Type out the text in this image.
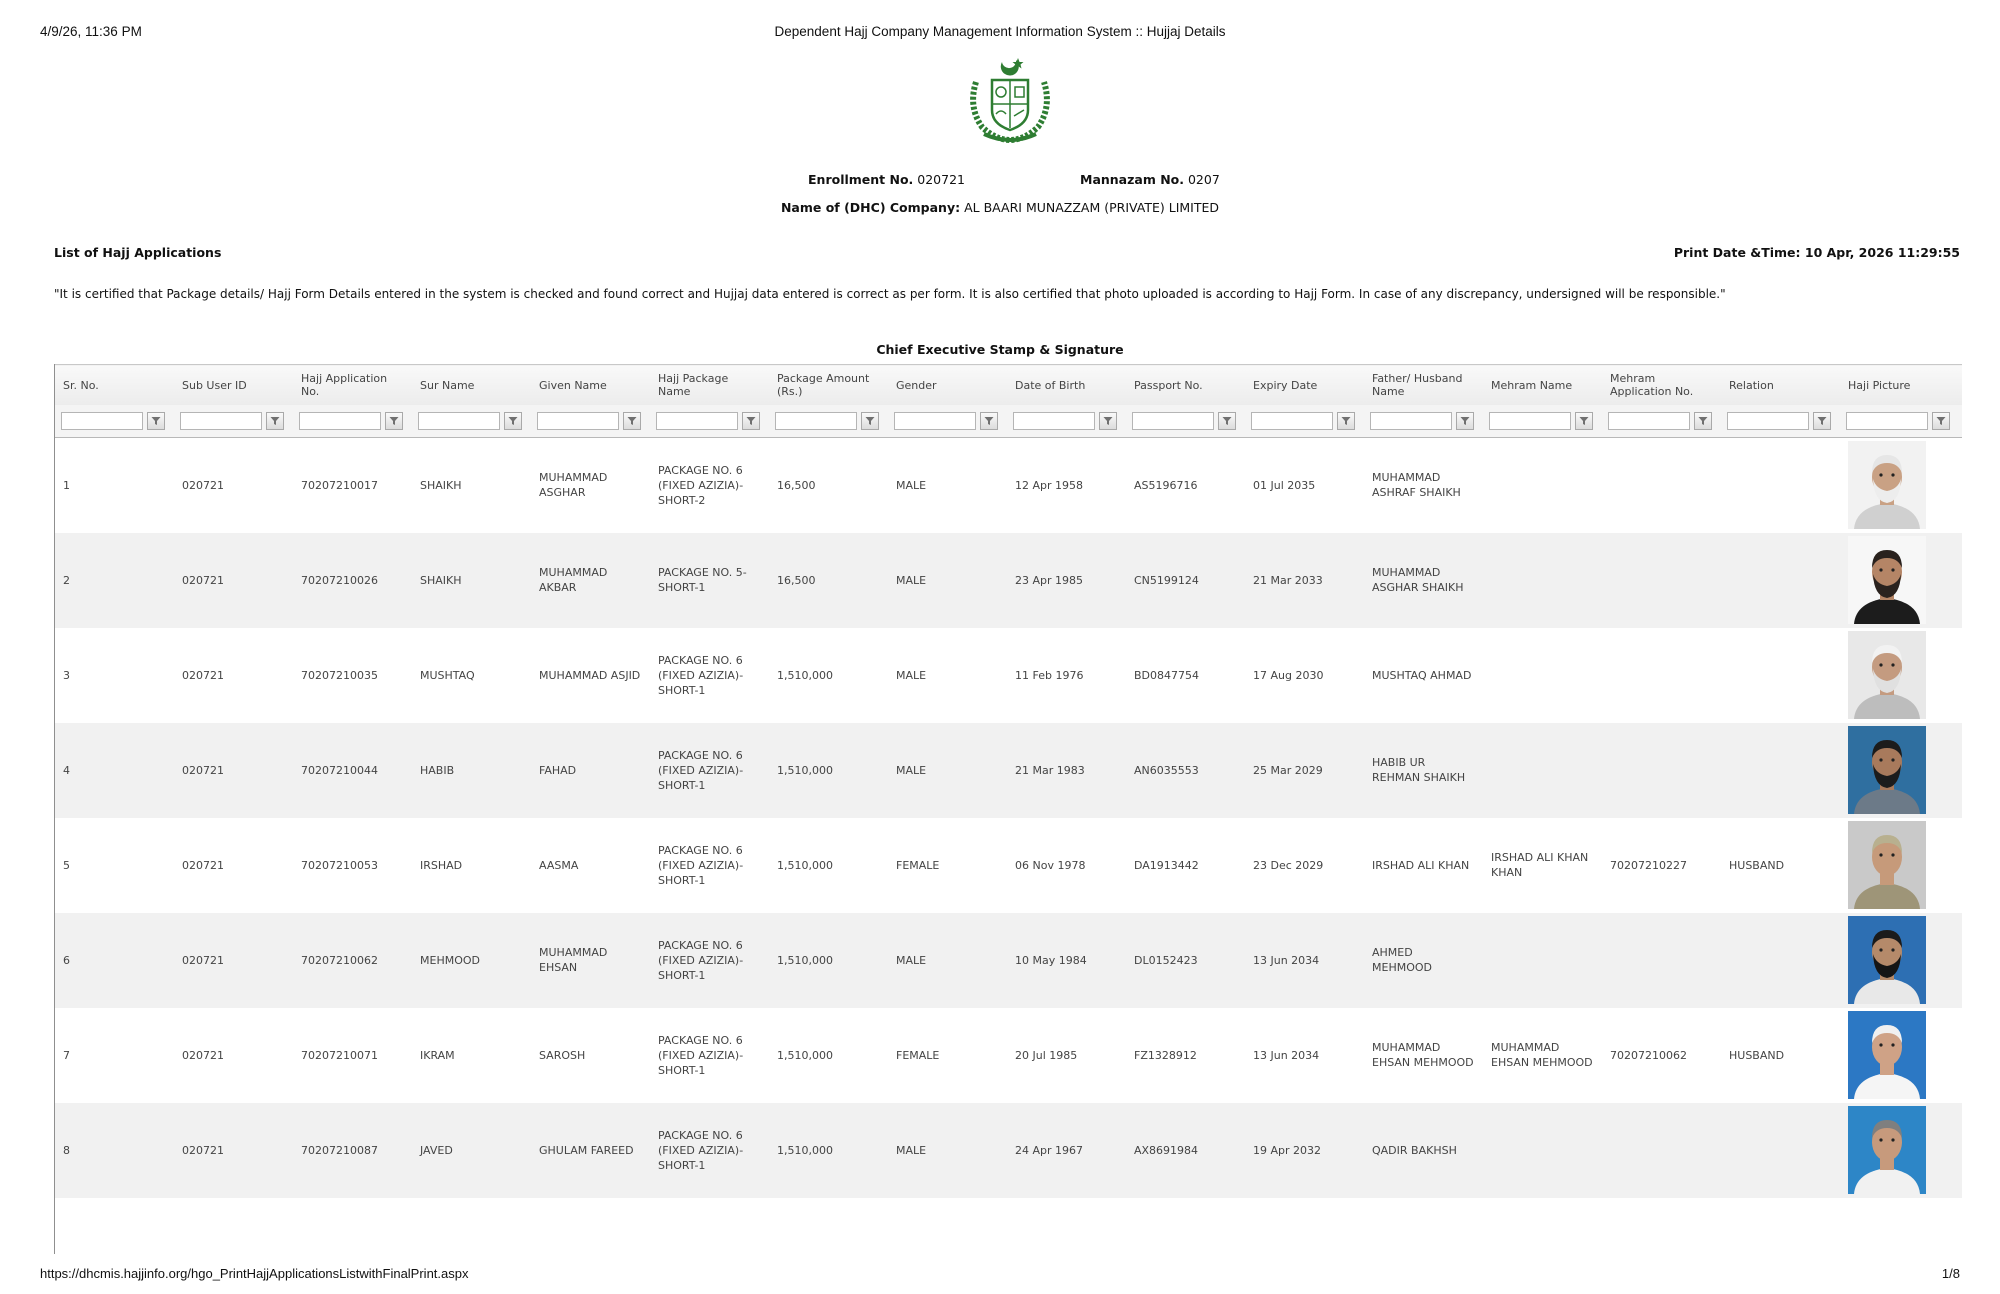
4/9/26, 11:36 PM	Dependent Hajj Company Management Information System :: Hujjaj Details
Enrollment No. 020721	Mannazam No. 0207
Name of (DHC) Company: AL BAARI MUNAZZAM (PRIVATE) LIMITED
List of Hajj Applications	Print Date &Time: 10 Apr, 2026 11:29:55
"It is certified that Package details/ Hajj Form Details entered in the system is checked and found correct and Hujjaj data entered is correct as per form. It is also certified that photo uploaded is according to Hajj Form. In case of any discrepancy, undersigned will be responsible."
Chief Executive Stamp & Signature
Sr. No.	Sub User ID	Hajj Application No.	Sur Name	Given Name	Hajj Package Name	Package Amount (Rs.)	Gender	Date of Birth	Passport No.	Expiry Date	Father/ Husband Name	Mehram Name	Mehram Application No.	Relation	Haji Picture

1	020721	70207210017	SHAIKH	MUHAMMAD ASGHAR	PACKAGE NO. 6 (FIXED AZIZIA)-SHORT-2	16,500	MALE	12 Apr 1958	AS5196716	01 Jul 2035	MUHAMMAD ASHRAF SHAIKH				

2	020721	70207210026	SHAIKH	MUHAMMAD AKBAR	PACKAGE NO. 5-SHORT-1	16,500	MALE	23 Apr 1985	CN5199124	21 Mar 2033	MUHAMMAD ASGHAR SHAIKH				

3	020721	70207210035	MUSHTAQ	MUHAMMAD ASJID	PACKAGE NO. 6 (FIXED AZIZIA)-SHORT-1	1,510,000	MALE	11 Feb 1976	BD0847754	17 Aug 2030	MUSHTAQ AHMAD				

4	020721	70207210044	HABIB	FAHAD	PACKAGE NO. 6 (FIXED AZIZIA)-SHORT-1	1,510,000	MALE	21 Mar 1983	AN6035553	25 Mar 2029	HABIB UR REHMAN SHAIKH				

5	020721	70207210053	IRSHAD	AASMA	PACKAGE NO. 6 (FIXED AZIZIA)-SHORT-1	1,510,000	FEMALE	06 Nov 1978	DA1913442	23 Dec 2029	IRSHAD ALI KHAN	IRSHAD ALI KHAN KHAN	70207210227	HUSBAND	

6	020721	70207210062	MEHMOOD	MUHAMMAD EHSAN	PACKAGE NO. 6 (FIXED AZIZIA)-SHORT-1	1,510,000	MALE	10 May 1984	DL0152423	13 Jun 2034	AHMED MEHMOOD				

7	020721	70207210071	IKRAM	SAROSH	PACKAGE NO. 6 (FIXED AZIZIA)-SHORT-1	1,510,000	FEMALE	20 Jul 1985	FZ1328912	13 Jun 2034	MUHAMMAD EHSAN MEHMOOD	MUHAMMAD EHSAN MEHMOOD	70207210062	HUSBAND	

8	020721	70207210087	JAVED	GHULAM FAREED	PACKAGE NO. 6 (FIXED AZIZIA)-SHORT-1	1,510,000	MALE	24 Apr 1967	AX8691984	19 Apr 2032	QADIR BAKHSH				
https://dhcmis.hajjinfo.org/hgo_PrintHajjApplicationsListwithFinalPrint.aspx	1/8
